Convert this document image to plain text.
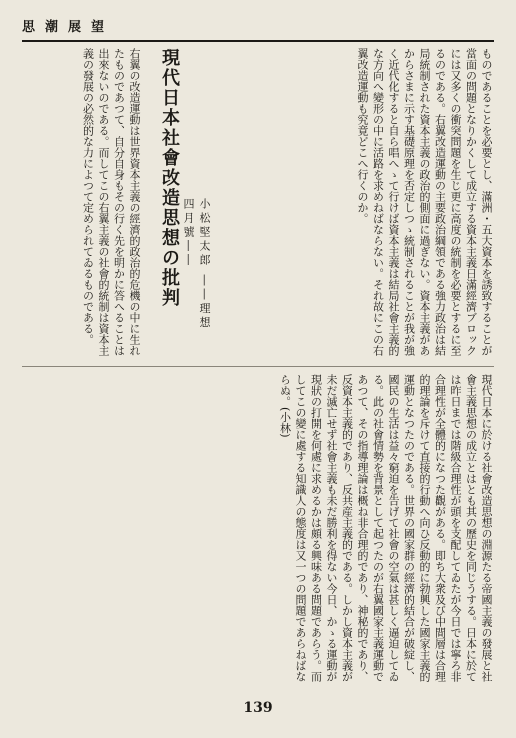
思潮展望
右翼の改造運動は世界資本主義の經濟的政治的危機の中に生れたものであつて、自分自身もその行く先を明かに答へることは出來ないのである。而してこの右翼主義の社會的統制は資本主義の發展の必然的な力によつて定められてゐるものである。	現代日本社會改造思想の批判	小松堅太郎 ――理想　四月號――	ものであることを必要とし、滿洲・五大資本を誘致することが當面の問題となりかくして成立する資本主義日滿經濟ブロックには又多くの衝突問題を生じ更に高度の統制を必要とするに至るのである。右翼改造運動の主要政治綱領である強力政治は結局統制された資本主義の政治的側面に過ぎない。資本主義があからさまに示す基礎原理を否定しつゝ統制されることが我が強く近代化すると自ら唱へゝて行けば資本主義は結局社會主義的な方向へ變形の中に活路を求めねばならない。それ故にこの右翼改造運動も究竟どこへ行くのか。
現代日本に於ける社會改造思想の淵源たる帝國主義の發展と社會主義思想の成立とはとも其の歷史を同じうする。日本に於ては昨日までは階級合理性が頭を支配してゐたが今日では寧ろ非合理性が全體的になつた觀がある。即ち大衆及び中間層は合理的理論を斥けて直接的行動へ向ひ反動的に勃興した國家主義的運動となつたのである。世界の國家群の經濟的結合が破綻し、國民の生活は益々窮迫を告げて社會の空氣は甚しく逼迫してゐる。此の社會情勢を背景として起つたのが右翼國家主義運動であつて、その指導理論は概ね非合理的であり、神秘的であり、反資本主義的であり、反共産主義的である。しかし資本主義が未だ滅亡せず社會主義も未だ勝利を得ない今日、かゝる運動が現狀の打開を何處に求めるかは頗る興味ある問題であらう。而してこの變に處する知識人の態度は又一つの問題であらねばならぬ。(小林)
139
